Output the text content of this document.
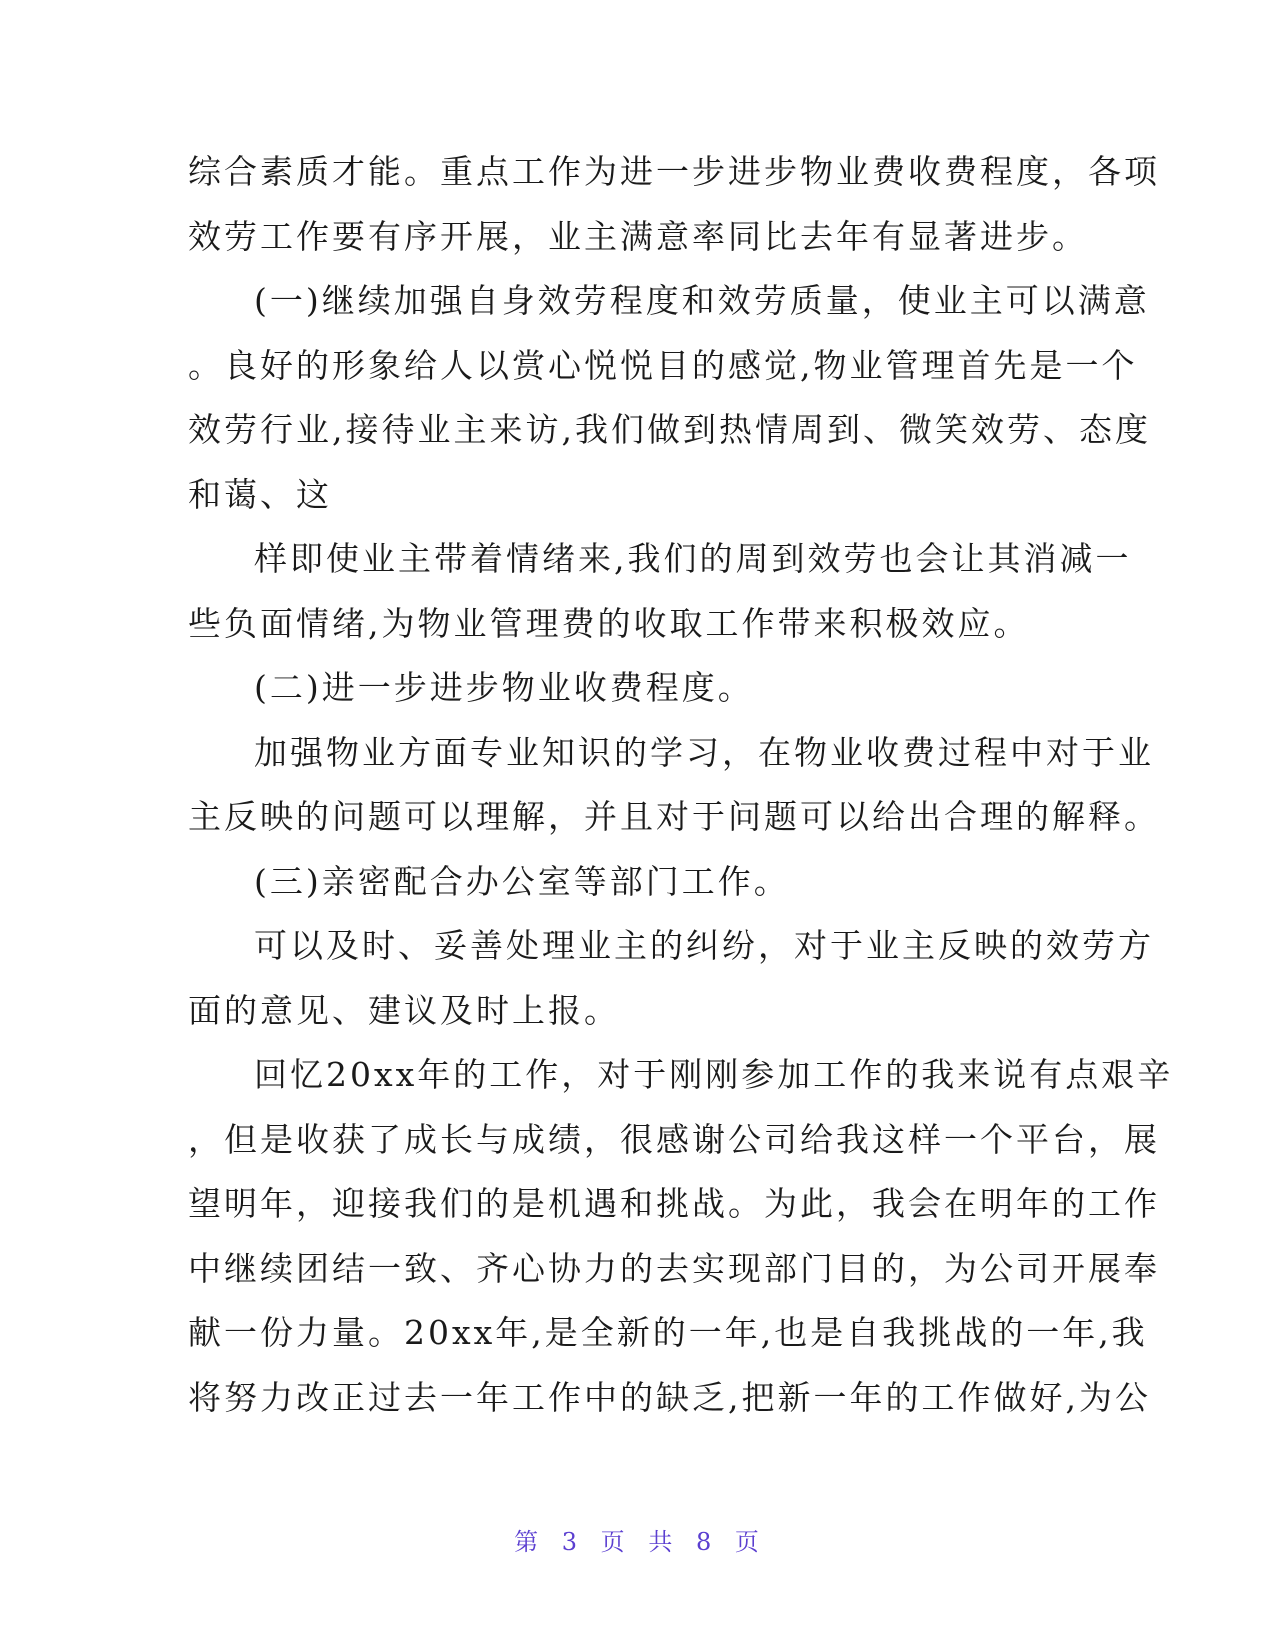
综合素质才能。重点工作为进一步进步物业费收费程度，各项
效劳工作要有序开展，业主满意率同比去年有显著进步。
(一)继续加强自身效劳程度和效劳质量，使业主可以满意
。良好的形象给人以赏心悦悦目的感觉,物业管理首先是一个
效劳行业,接待业主来访,我们做到热情周到、微笑效劳、态度
和蔼、这
样即使业主带着情绪来,我们的周到效劳也会让其消减一
些负面情绪,为物业管理费的收取工作带来积极效应。
(二)进一步进步物业收费程度。
加强物业方面专业知识的学习，在物业收费过程中对于业
主反映的问题可以理解，并且对于问题可以给出合理的解释。
(三)亲密配合办公室等部门工作。
可以及时、妥善处理业主的纠纷，对于业主反映的效劳方
面的意见、建议及时上报。
回忆20xx年的工作，对于刚刚参加工作的我来说有点艰辛
，但是收获了成长与成绩，很感谢公司给我这样一个平台，展
望明年，迎接我们的是机遇和挑战。为此，我会在明年的工作
中继续团结一致、齐心协力的去实现部门目的，为公司开展奉
献一份力量。20xx年,是全新的一年,也是自我挑战的一年,我
将努力改正过去一年工作中的缺乏,把新一年的工作做好,为公
第 3 页 共 8 页
